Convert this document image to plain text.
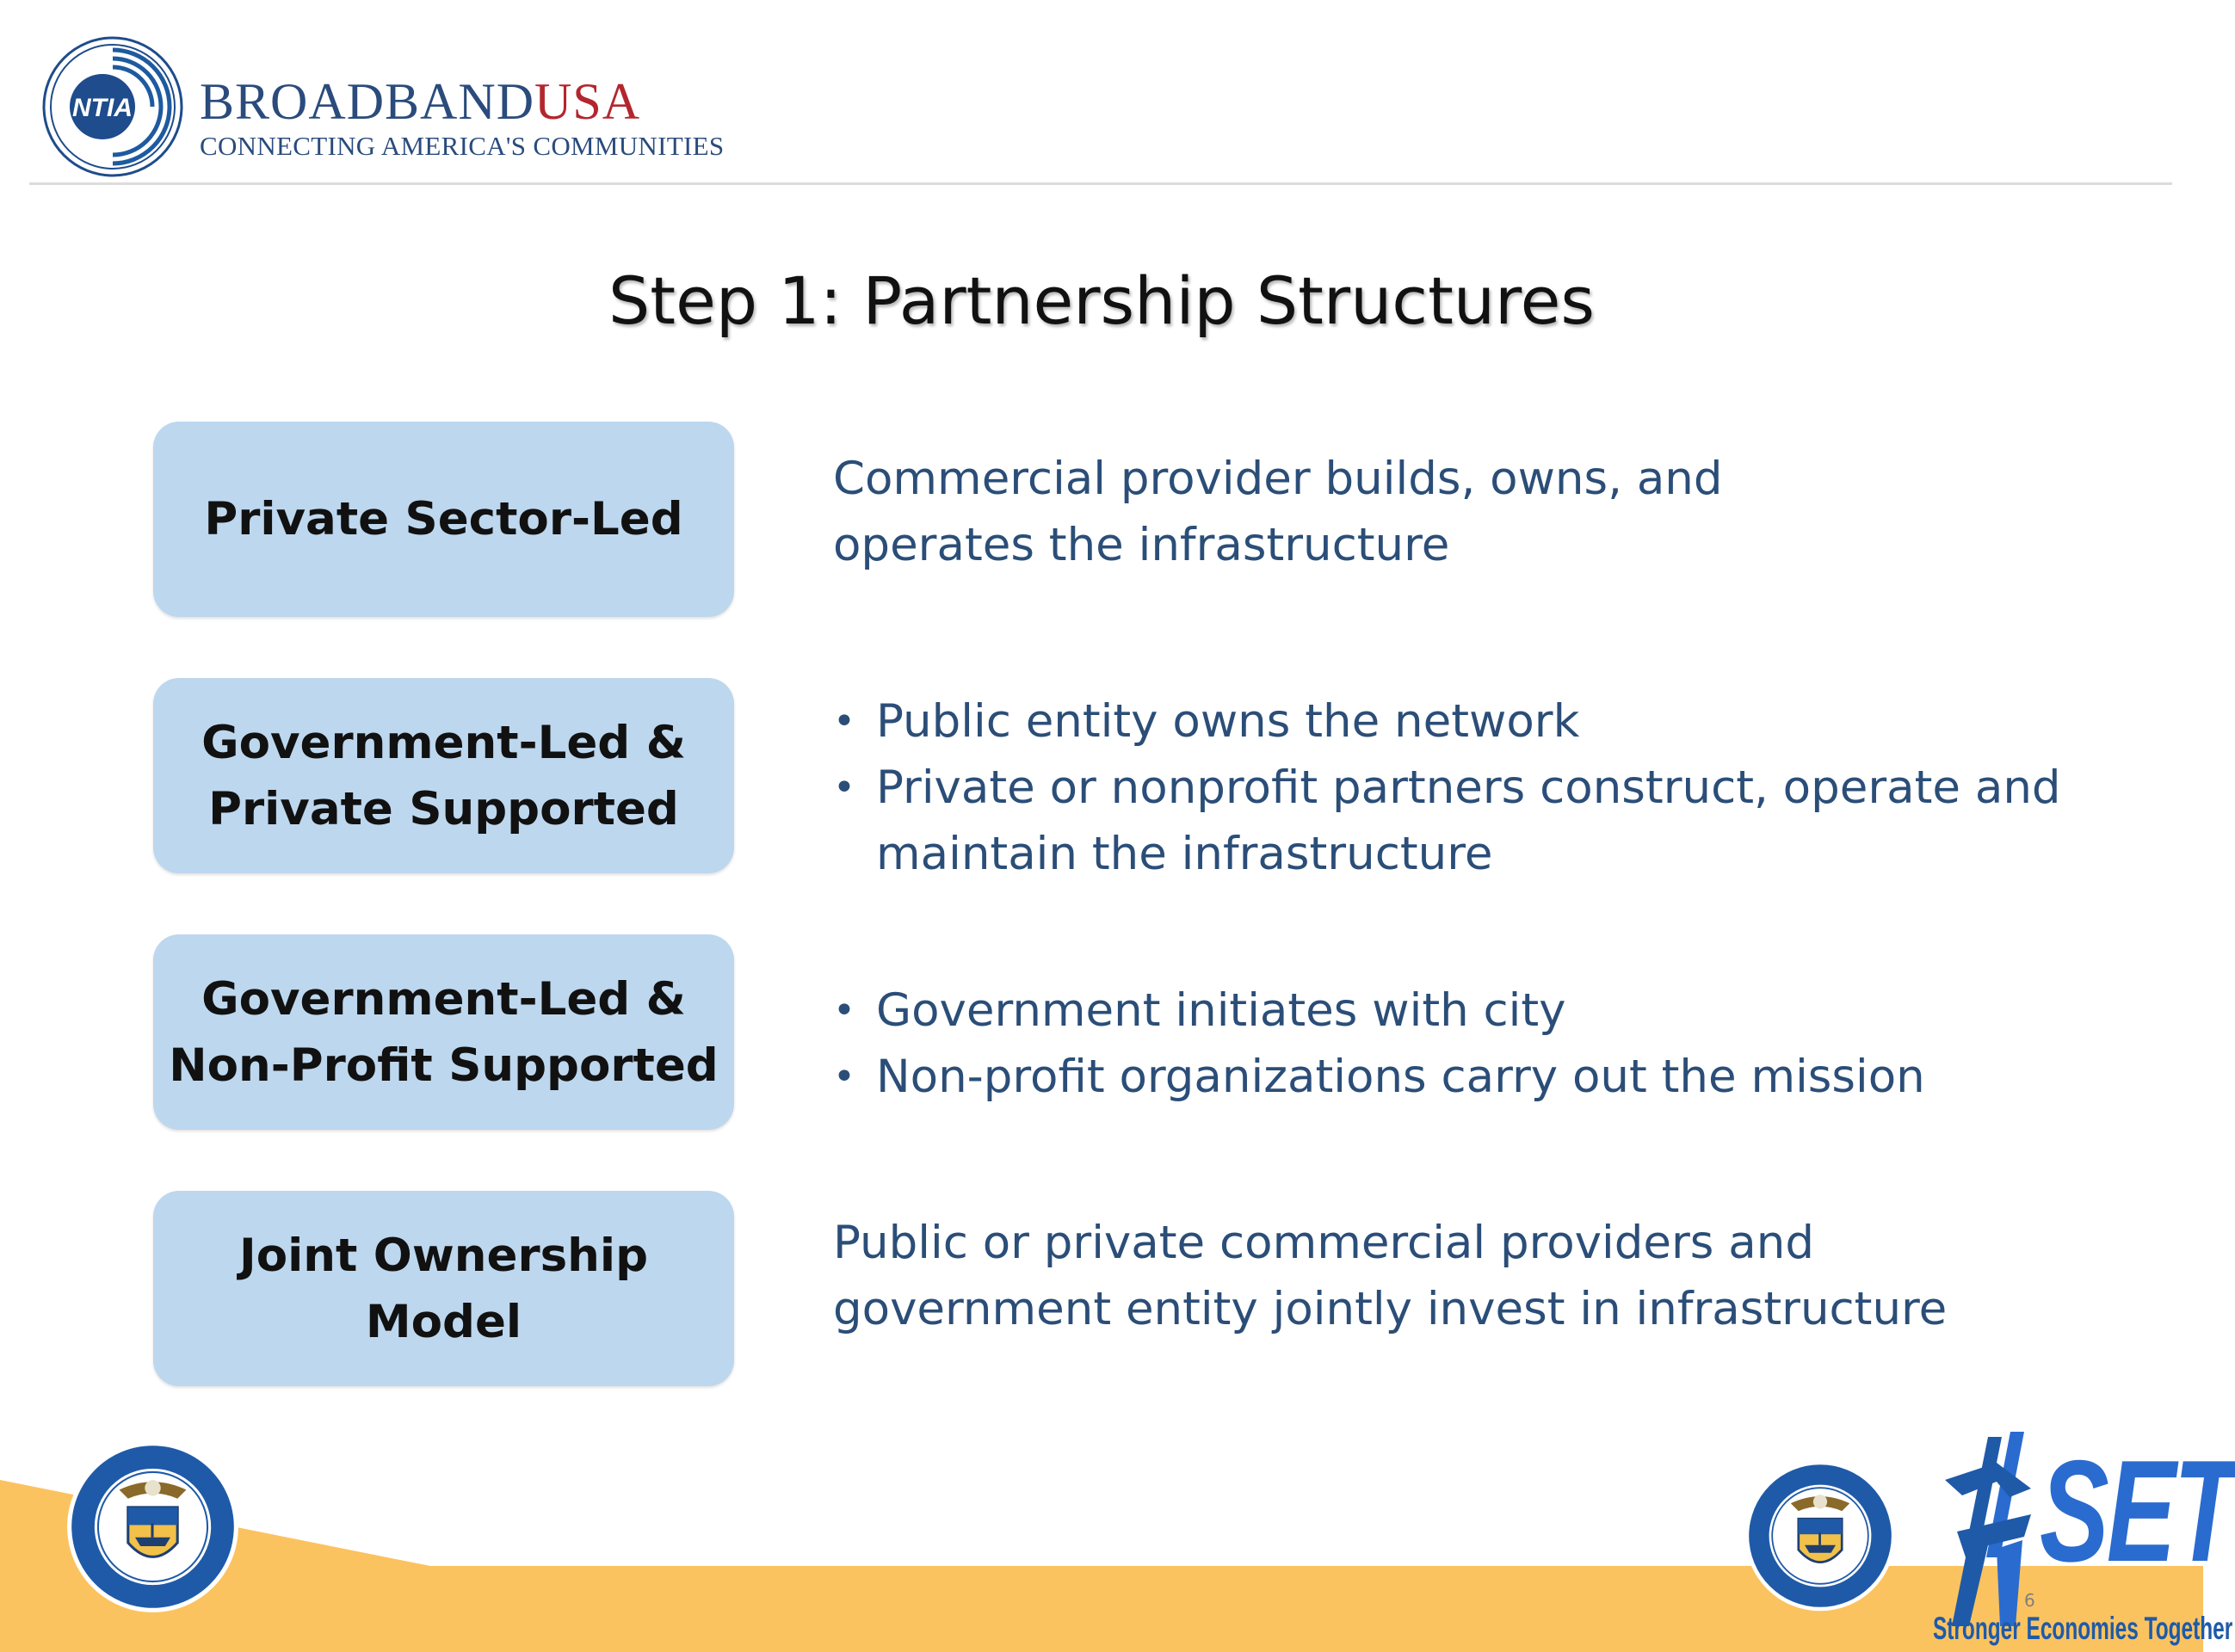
NTIA BROADBANDUSA
CONNECTING AMERICA'S COMMUNITIES
Step 1: Partnership Structures
Private Sector-Led
Commercial provider builds, owns, and
operates the infrastructure
Government-Led &
Private Supported
• Public entity owns the network
• Private or nonprofit partners construct, operate and maintain the infrastructure
Government-Led &
Non-Profit Supported
• Government initiates with city
• Non-profit organizations carry out the mission
Joint Ownership
Model
Public or private commercial providers and
government entity jointly invest in infrastructure
SET
Stronger Economies Together
6
